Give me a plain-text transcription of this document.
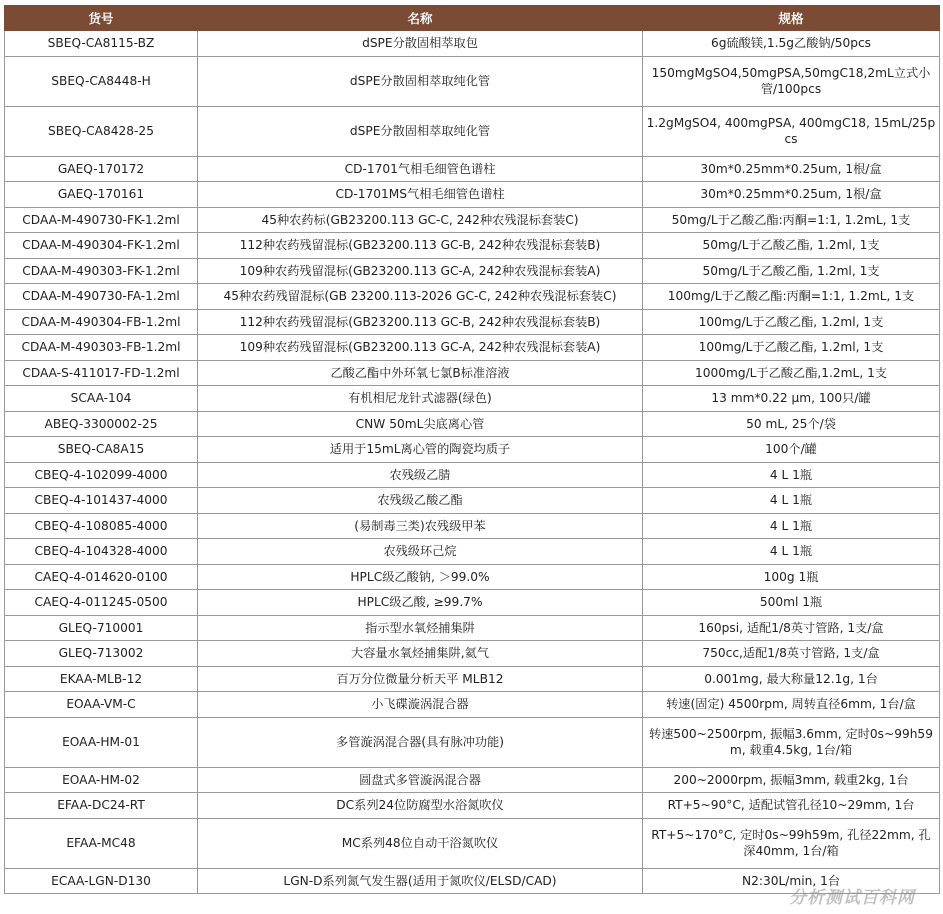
货号	名称	规格
SBEQ-CA8115-BZ	dSPE分散固相萃取包	6g硫酸镁,1.5g乙酸钠/50pcs
SBEQ-CA8448-H	dSPE分散固相萃取纯化管	150mgMgSO4,50mgPSA,50mgC18,2mL立式小管/100pcs
SBEQ-CA8428-25	dSPE分散固相萃取纯化管	1.2gMgSO4, 400mgPSA, 400mgC18, 15mL/25pcs
GAEQ-170172	CD-1701气相毛细管色谱柱	30m*0.25mm*0.25um, 1根/盒
GAEQ-170161	CD-1701MS气相毛细管色谱柱	30m*0.25mm*0.25um, 1根/盒
CDAA-M-490730-FK-1.2ml	45种农药标(GB23200.113 GC-C, 242种农残混标套装C)	50mg/L于乙酸乙酯:丙酮=1:1, 1.2mL, 1支
CDAA-M-490304-FK-1.2ml	112种农药残留混标(GB23200.113 GC-B, 242种农残混标套装B)	50mg/L于乙酸乙酯, 1.2ml, 1支
CDAA-M-490303-FK-1.2ml	109种农药残留混标(GB23200.113 GC-A, 242种农残混标套装A)	50mg/L于乙酸乙酯, 1.2ml, 1支
CDAA-M-490730-FA-1.2ml	45种农药残留混标(GB 23200.113-2026 GC-C, 242种农残混标套装C)	100mg/L于乙酸乙酯:丙酮=1:1, 1.2mL, 1支
CDAA-M-490304-FB-1.2ml	112种农药残留混标(GB23200.113 GC-B, 242种农残混标套装B)	100mg/L于乙酸乙酯, 1.2ml, 1支
CDAA-M-490303-FB-1.2ml	109种农药残留混标(GB23200.113 GC-A, 242种农残混标套装A)	100mg/L于乙酸乙酯, 1.2ml, 1支
CDAA-S-411017-FD-1.2ml	乙酸乙酯中外环氧七氯B标准溶液	1000mg/L于乙酸乙酯,1.2mL, 1支
SCAA-104	有机相尼龙针式滤器(绿色)	13 mm*0.22 μm, 100只/罐
ABEQ-3300002-25	CNW 50mL尖底离心管	50 mL, 25个/袋
SBEQ-CA8A15	适用于15mL离心管的陶瓷均质子	100个/罐
CBEQ-4-102099-4000	农残级乙腈	4 L 1瓶
CBEQ-4-101437-4000	农残级乙酸乙酯	4 L 1瓶
CBEQ-4-108085-4000	(易制毒三类)农残级甲苯	4 L 1瓶
CBEQ-4-104328-4000	农残级环己烷	4 L 1瓶
CAEQ-4-014620-0100	HPLC级乙酸钠, ＞99.0%	100g 1瓶
CAEQ-4-011245-0500	HPLC级乙酸, ≥99.7%	500ml 1瓶
GLEQ-710001	指示型水氧烃捕集阱	160psi, 适配1/8英寸管路, 1支/盒
GLEQ-713002	大容量水氧烃捕集阱,氦气	750cc,适配1/8英寸管路, 1支/盒
EKAA-MLB-12	百万分位微量分析天平 MLB12	0.001mg, 最大称量12.1g, 1台
EOAA-VM-C	小飞碟漩涡混合器	转速(固定) 4500rpm, 周转直径6mm, 1台/盒
EOAA-HM-01	多管漩涡混合器(具有脉冲功能)	转速500~2500rpm, 振幅3.6mm, 定时0s~99h59m, 载重4.5kg, 1台/箱
EOAA-HM-02	圆盘式多管漩涡混合器	200~2000rpm, 振幅3mm, 载重2kg, 1台
EFAA-DC24-RT	DC系列24位防腐型水浴氮吹仪	RT+5~90°C, 适配试管孔径10~29mm, 1台
EFAA-MC48	MC系列48位自动干浴氮吹仪	RT+5~170°C, 定时0s~99h59m, 孔径22mm, 孔深40mm, 1台/箱
ECAA-LGN-D130	LGN-D系列氮气发生器(适用于氮吹仪/ELSD/CAD)	N2:30L/min, 1台
分析测试百科网
